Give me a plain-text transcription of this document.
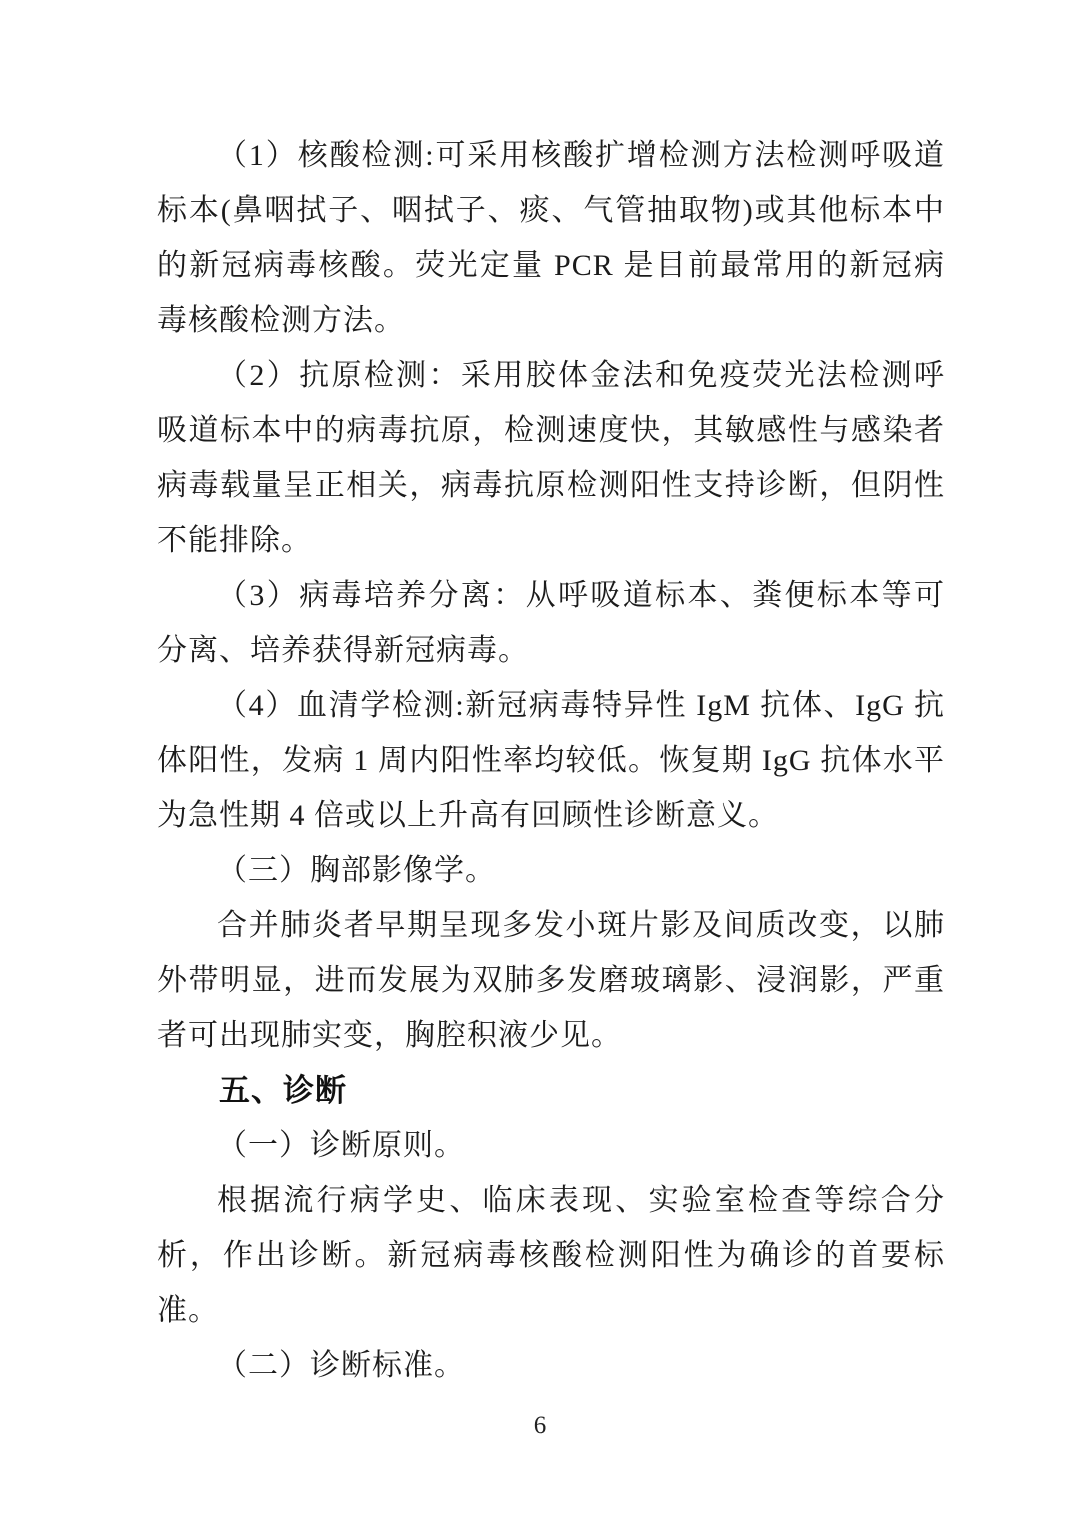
（1）核酸检测:可采用核酸扩增检测方法检测呼吸道标本(鼻咽拭子、咽拭子、痰、气管抽取物)或其他标本中的新冠病毒核酸。荧光定量 PCR 是目前最常用的新冠病毒核酸检测方法。

（2）抗原检测：采用胶体金法和免疫荧光法检测呼吸道标本中的病毒抗原，检测速度快，其敏感性与感染者病毒载量呈正相关，病毒抗原检测阳性支持诊断，但阴性不能排除。

（3）病毒培养分离：从呼吸道标本、粪便标本等可分离、培养获得新冠病毒。

（4）血清学检测:新冠病毒特异性 IgM 抗体、IgG 抗体阳性，发病 1 周内阳性率均较低。恢复期 IgG 抗体水平为急性期 4 倍或以上升高有回顾性诊断意义。

（三）胸部影像学。

合并肺炎者早期呈现多发小斑片影及间质改变，以肺外带明显，进而发展为双肺多发磨玻璃影、浸润影，严重者可出现肺实变，胸腔积液少见。

五、诊断

（一）诊断原则。

根据流行病学史、临床表现、实验室检查等综合分析，作出诊断。新冠病毒核酸检测阳性为确诊的首要标准。

（二）诊断标准。

6
